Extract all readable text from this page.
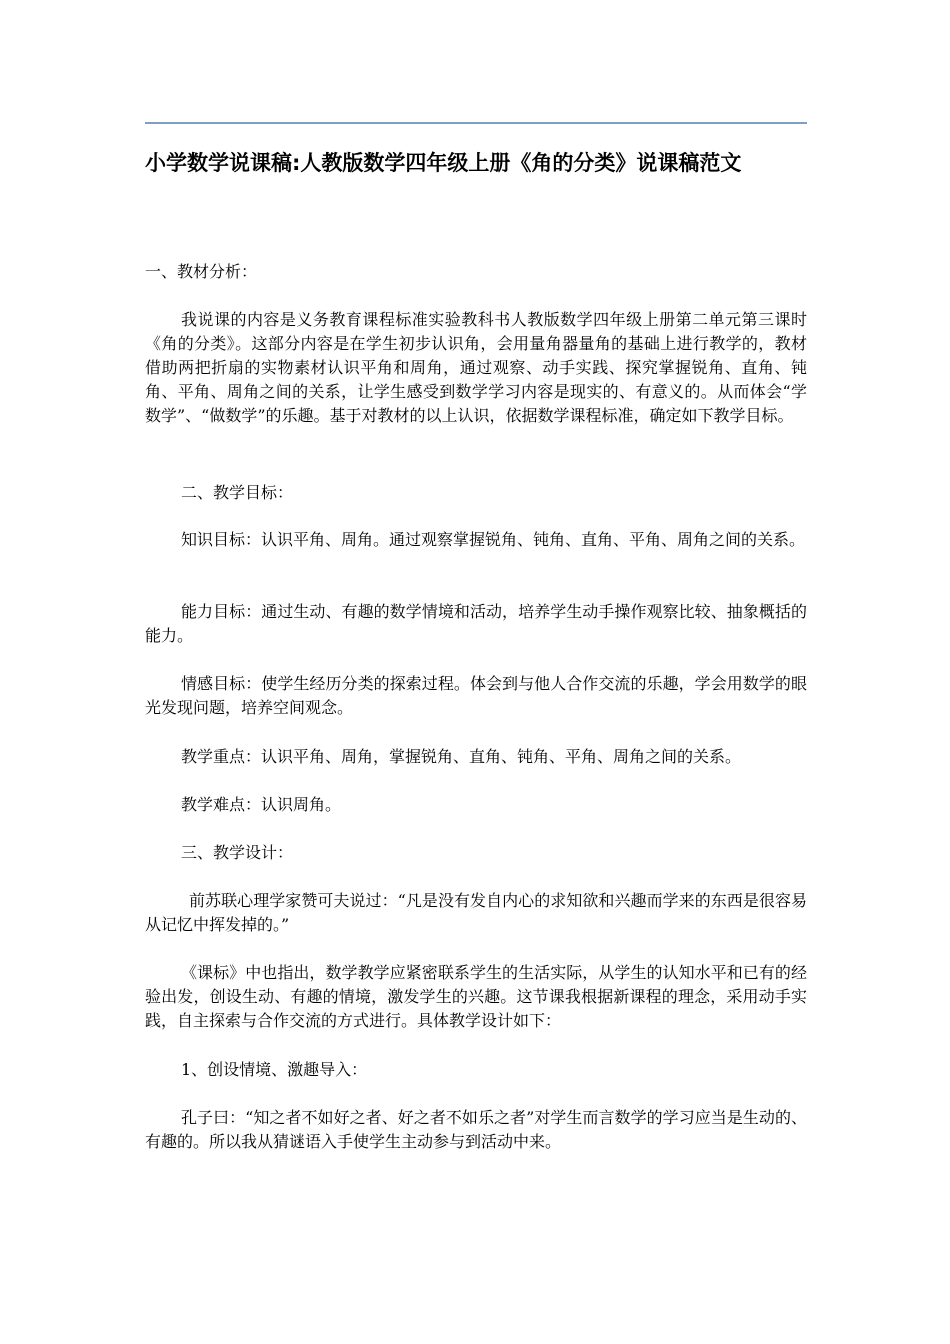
小学数学说课稿:人教版数学四年级上册《角的分类》说课稿范文

一、教材分析：

我说课的内容是义务教育课程标准实验教科书人教版数学四年级上册第二单元第三课时《角的分类》。这部分内容是在学生初步认识角，会用量角器量角的基础上进行教学的，教材借助两把折扇的实物素材认识平角和周角，通过观察、动手实践、探究掌握锐角、直角、钝角、平角、周角之间的关系，让学生感受到数学学习内容是现实的、有意义的。从而体会“学数学”、“做数学”的乐趣。基于对教材的以上认识，依据数学课程标准，确定如下教学目标。

二、教学目标：

知识目标：认识平角、周角。通过观察掌握锐角、钝角、直角、平角、周角之间的关系。

能力目标：通过生动、有趣的数学情境和活动，培养学生动手操作观察比较、抽象概括的能力。

情感目标：使学生经历分类的探索过程。体会到与他人合作交流的乐趣，学会用数学的眼光发现问题，培养空间观念。

教学重点：认识平角、周角，掌握锐角、直角、钝角、平角、周角之间的关系。

教学难点：认识周角。

三、教学设计：

前苏联心理学家赞可夫说过：“凡是没有发自内心的求知欲和兴趣而学来的东西是很容易从记忆中挥发掉的。”

《课标》中也指出，数学教学应紧密联系学生的生活实际，从学生的认知水平和已有的经验出发，创设生动、有趣的情境，激发学生的兴趣。这节课我根据新课程的理念，采用动手实践，自主探索与合作交流的方式进行。具体教学设计如下：

1、创设情境、激趣导入：

孔子曰：“知之者不如好之者、好之者不如乐之者”对学生而言数学的学习应当是生动的、有趣的。所以我从猜谜语入手使学生主动参与到活动中来。
